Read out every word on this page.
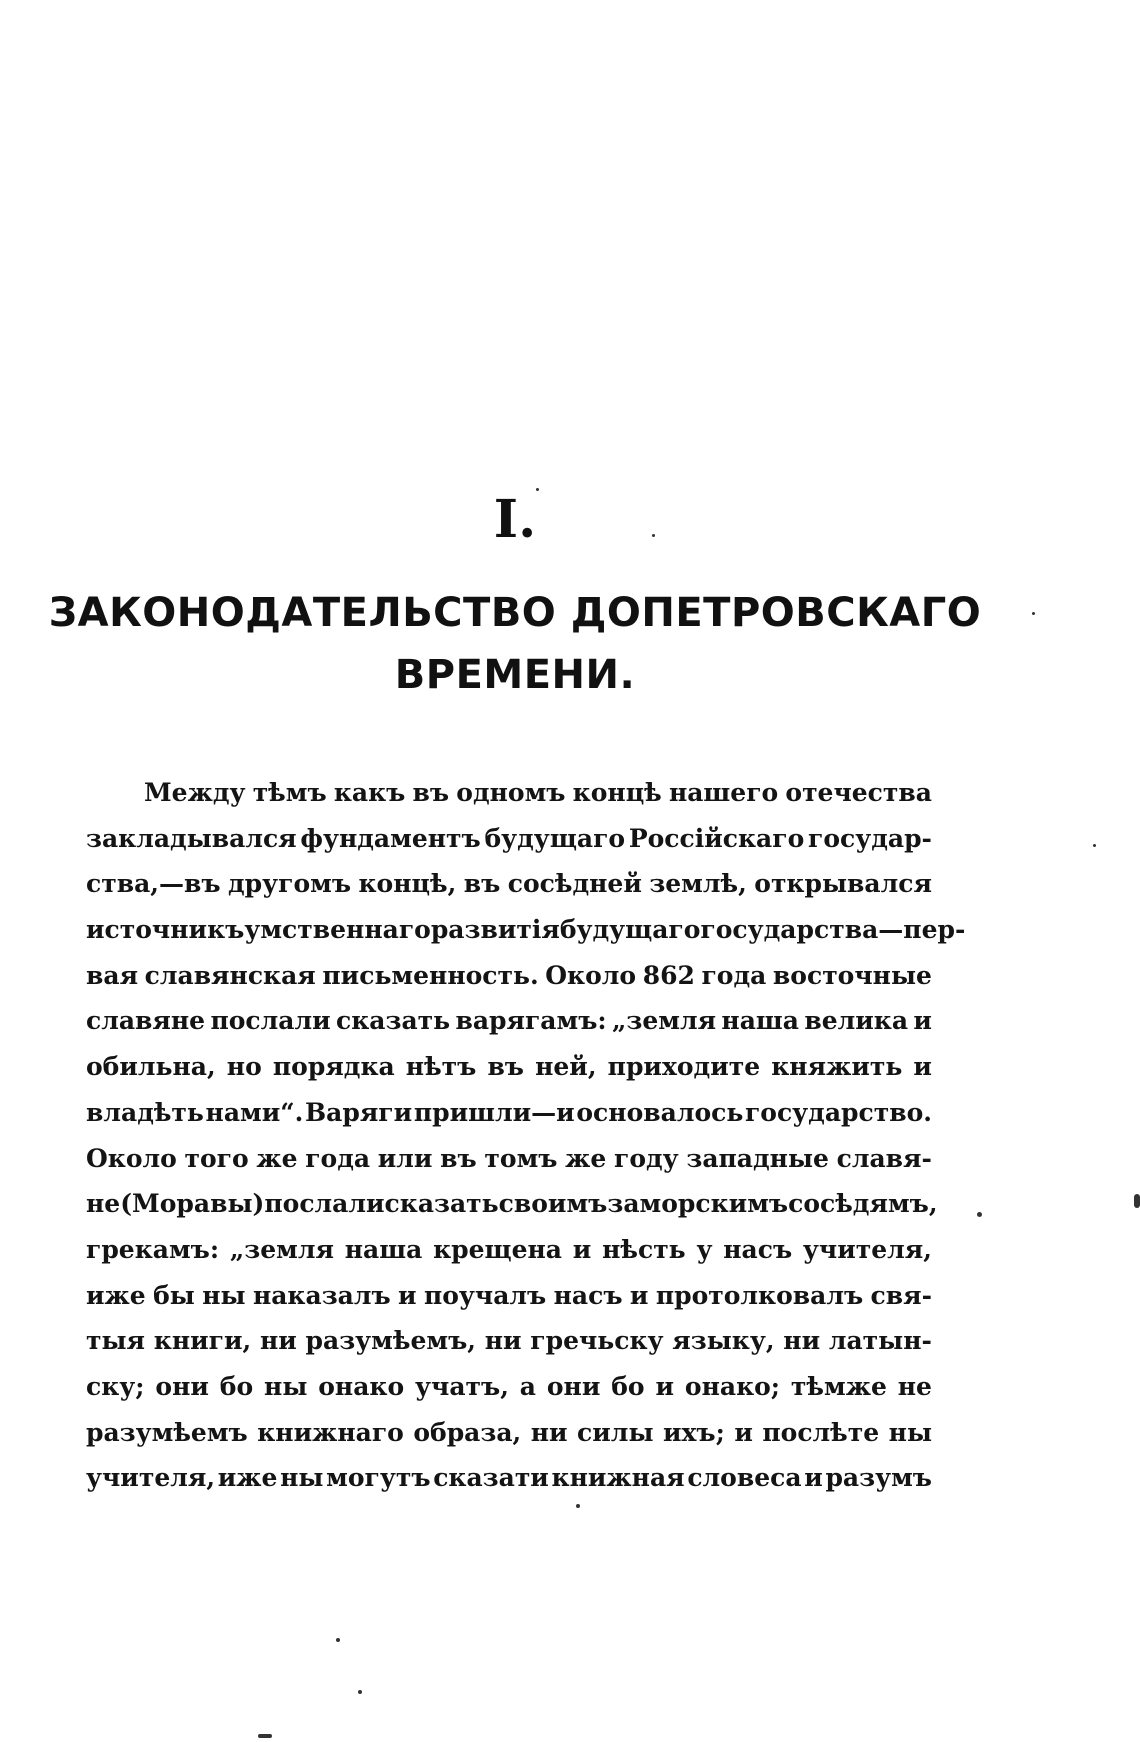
I.
ЗАКОНОДАТЕЛЬСТВО ДОПЕТРОВСКАГО
ВРЕМЕНИ.
Между тѣмъ какъ въ одномъ концѣ нашего отечества
закладывался фундаментъ будущаго Россійскаго государ-
ства,—въ другомъ концѣ, въ сосѣдней землѣ, открывался
источникъ умственнаго развитія будущаго государства—пер-
вая славянская письменность. Около 862 года восточные
славяне послали сказать варягамъ: „земля наша велика и
обильна, но порядка нѣтъ въ ней, приходите княжить и
владѣть нами“. Варяги пришли—и основалось государство.
Около того же года или въ томъ же году западные славя-
не (Моравы) послали сказать своимъ заморскимъ сосѣдямъ,
грекамъ: „земля наша крещена и нѣсть у насъ учителя,
иже бы ны наказалъ и поучалъ насъ и протолковалъ свя-
тыя книги, ни разумѣемъ, ни гречьску языку, ни латын-
ску; они бо ны онако учатъ, а они бо и онако; тѣмже не
разумѣемъ книжнаго образа, ни силы ихъ; и послѣте ны
учителя, иже ны могутъ сказати книжная словеса и разумъ
